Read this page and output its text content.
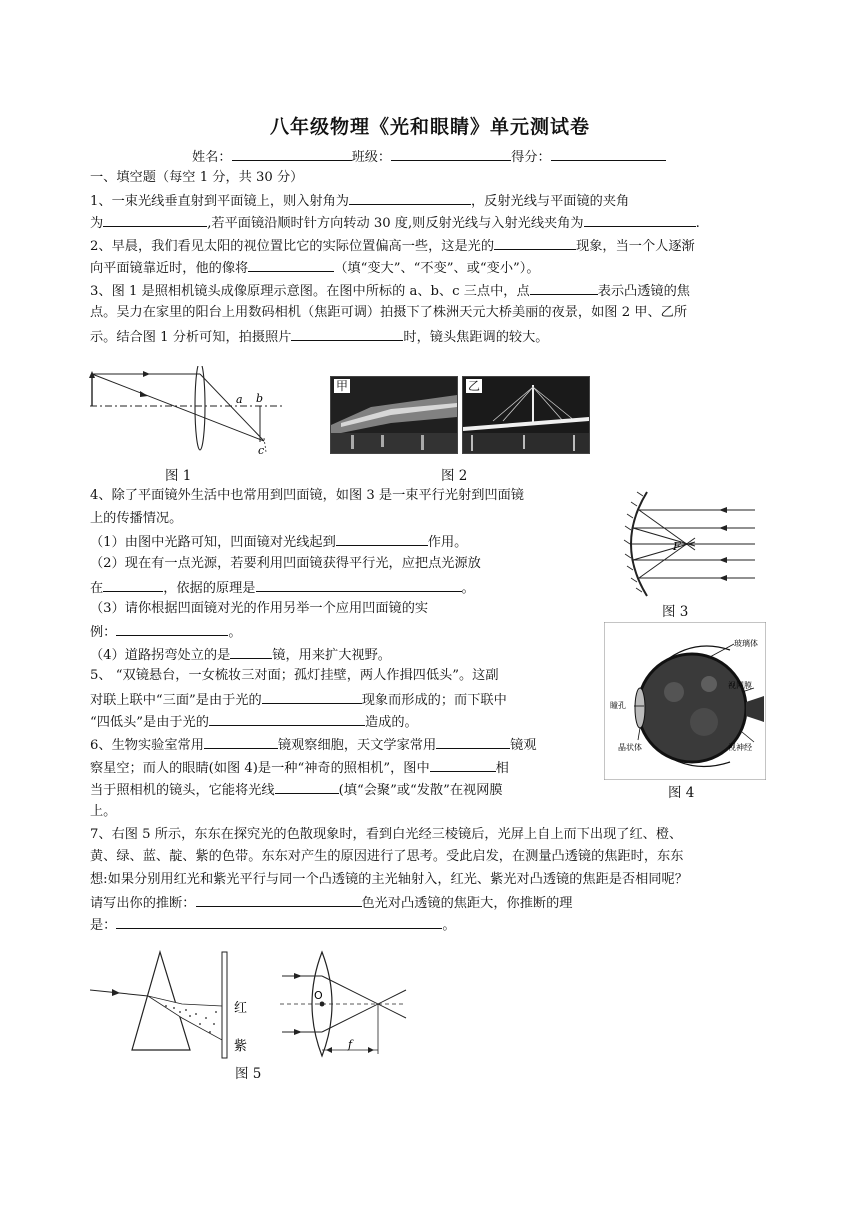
八年级物理《光和眼睛》单元测试卷
姓名：	班级：	得分：
一、填空题（每空 1 分，共 30 分）
1、一束光线垂直射到平面镜上，则入射角为	，反射光线与平面镜的夹角
为	,若平面镜沿顺时针方向转动 30 度,则反射光线与入射光线夹角为	.
2、早晨，我们看见太阳的视位置比它的实际位置偏高一些，这是光的	现象，当一个人逐渐
向平面镜靠近时，他的像将	（填“变大”、“不变”、或“变小”）。
3、图 1 是照相机镜头成像原理示意图。在图中所标的 a、b、c 三点中，点	表示凸透镜的焦
点。吴力在家里的阳台上用数码相机（焦距可调）拍摄下了株洲天元大桥美丽的夜景，如图 2 甲、乙所
示。结合图 1 分析可知，拍摄照片	时，镜头焦距调的较大。
a b
c
图 1
甲	乙
图 2
4、除了平面镜外生活中也常用到凹面镜，如图 3 是一束平行光射到凹面镜
上的传播情况。
（1）由图中光路可知，凹面镜对光线起到	作用。
（2）现在有一点光源，若要利用凹面镜获得平行光，应把点光源放
在	，依据的原理是	。
（3）请你根据凹面镜对光的作用另举一个应用凹面镜的实
例：	。
（4）道路拐弯处立的是	镜，用来扩大视野。
F
图 3
玻璃体
视网膜
视神经
瞳孔
晶状体
图 4
5、 “双镜悬台，一女梳妆三对面；孤灯挂壁，两人作揖四低头”。这副
对联上联中“三面”是由于光的	现象而形成的；而下联中
“四低头”是由于光的	造成的。
6、生物实验室常用	镜观察细胞，天文学家常用	镜观
察星空；而人的眼睛(如图 4)是一种“神奇的照相机”，图中	相
当于照相机的镜头，它能将光线	(填“会聚”或“发散”在视网膜
上。
7、右图 5 所示，东东在探究光的色散现象时，看到白光经三棱镜后，光屏上自上而下出现了红、橙、
黄、绿、蓝、靛、紫的色带。东东对产生的原因进行了思考。受此启发，在测量凸透镜的焦距时，东东
想:如果分别用红光和紫光平行与同一个凸透镜的主光轴射入，红光、紫光对凸透镜的焦距是否相同呢？
请写出你的推断：	色光对凸透镜的焦距大，你推断的理
是：	。
红
紫
O
f
图 5
